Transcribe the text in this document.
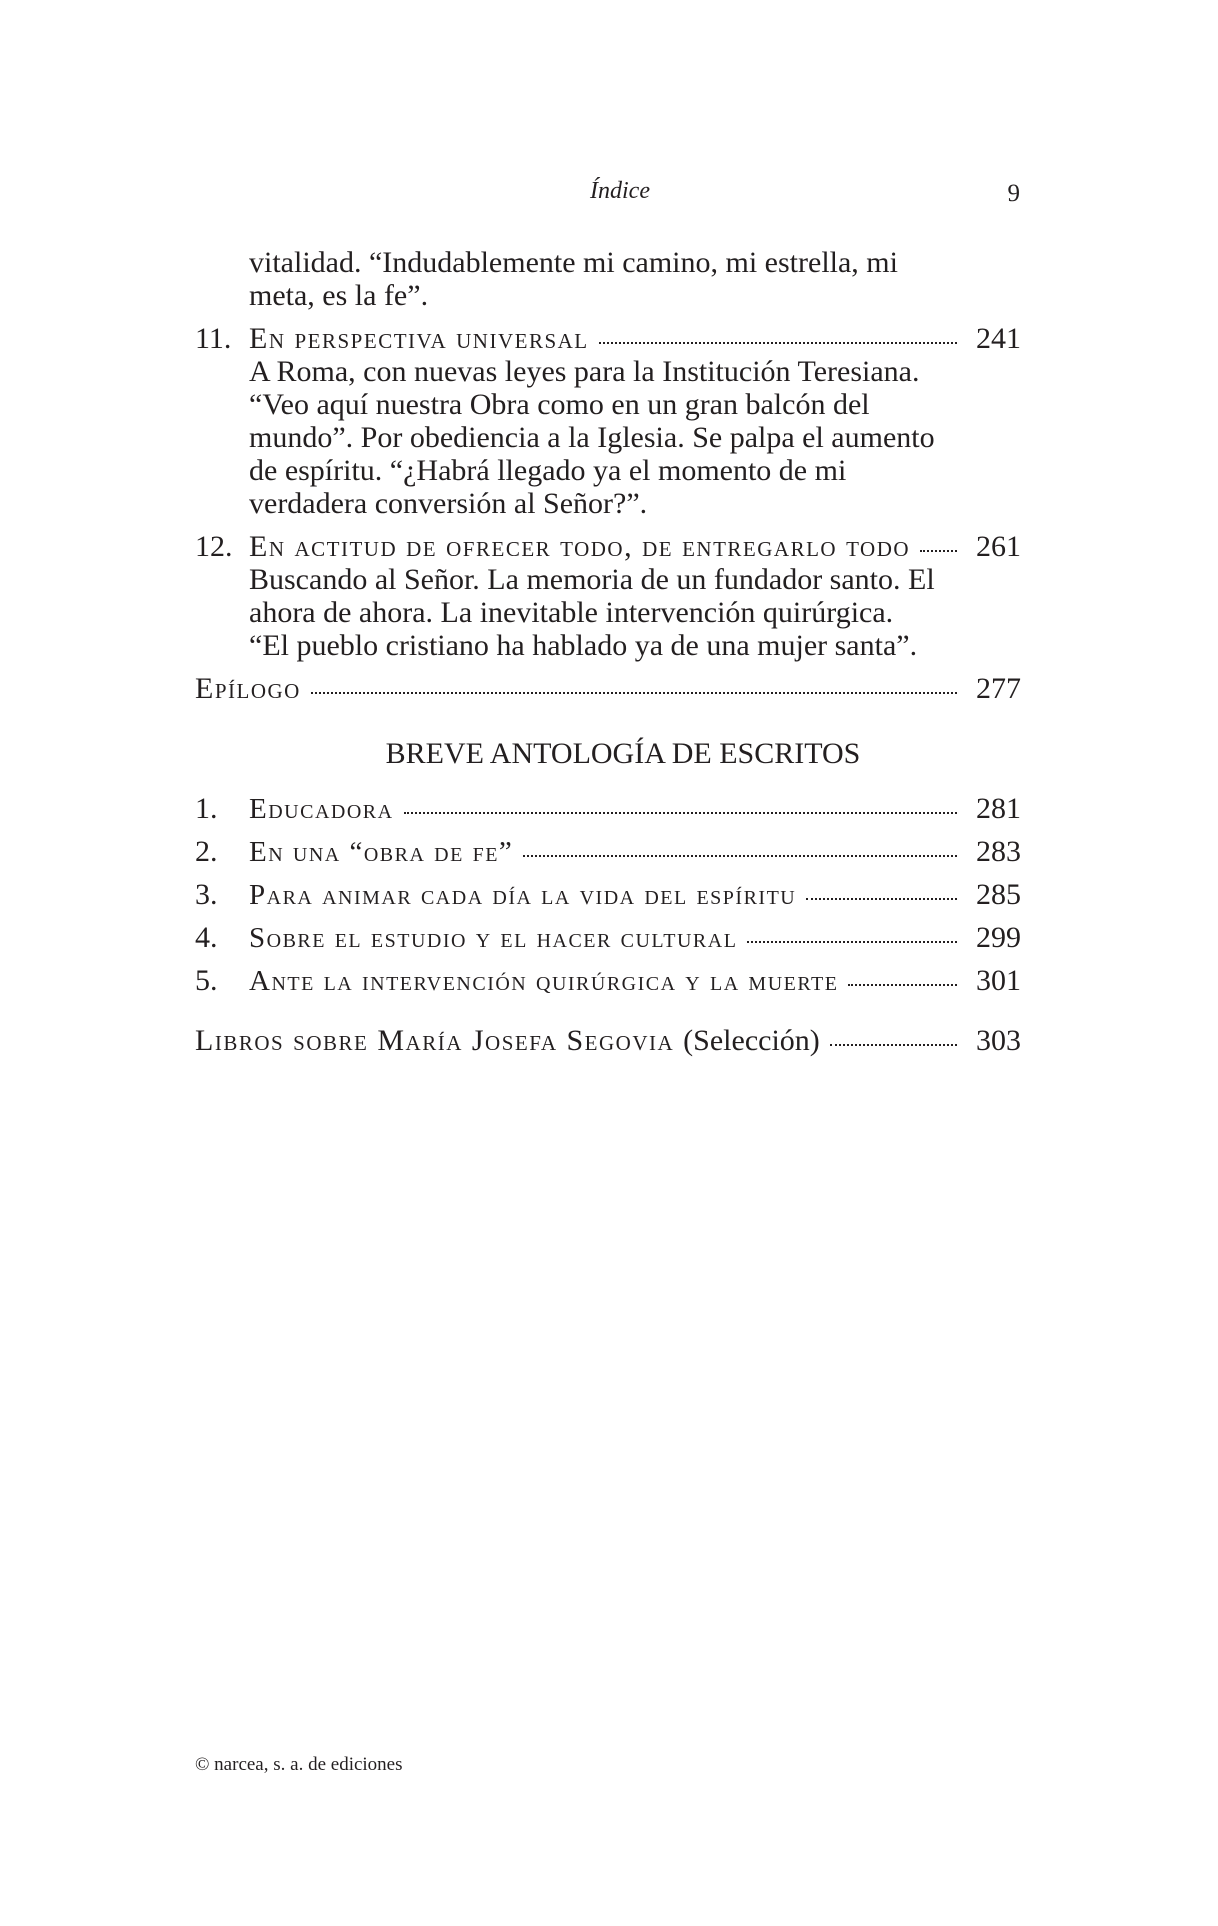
Índice	9
vitalidad. “Indudablemente mi camino, mi estrella, mi meta, es la fe”.
11. En perspectiva universal	241
A Roma, con nuevas leyes para la Institución Teresiana. “Veo aquí nuestra Obra como en un gran balcón del mundo”. Por obediencia a la Iglesia. Se palpa el aumento de espíritu. “¿Habrá llegado ya el momento de mi verdadera conversión al Señor?”.
12. En actitud de ofrecer todo, de entregarlo todo 261
Buscando al Señor. La memoria de un fundador santo. El ahora de ahora. La inevitable intervención quirúrgica. “El pueblo cristiano ha hablado ya de una mujer santa”.
Epílogo	277
BREVE ANTOLOGÍA DE ESCRITOS
1.	Educadora	281
2.	En una “obra de fe”	283
3.	Para animar cada día la vida del espíritu	285
4.	Sobre el estudio y el hacer cultural	299
5.	Ante la intervención quirúrgica y la muerte	301
Libros sobre María Josefa Segovia (Selección)	303
© narcea, s. a. de ediciones
